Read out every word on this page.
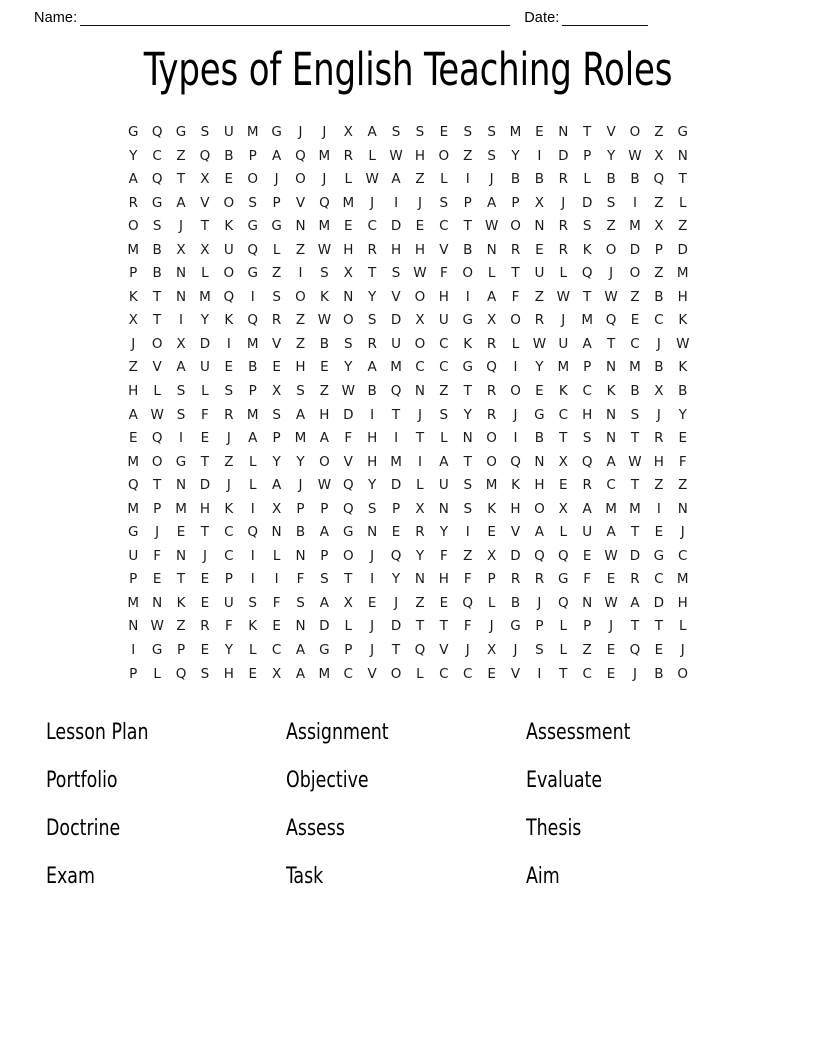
Name:	Date:
Types of English Teaching Roles
G Q G	S	U M G	J	J	X	A	S	S	E	S	S	M	E	N	T	V	O	Z	G
Y	C	Z	Q	B	P	A	Q M R	L W H	O	Z	S	Y	I	D	P	Y W X	N
A	Q	T	X	E	O	J	O	J	L W A	Z	L	I	J	B	B	R	L	B	B	Q	T
R	G	A	V	O	S	P	V	Q M	J	I	J	S	P	A	P	X	J	D	S	I	Z	L
O	S	J	T	K	G G	N M	E	C	D	E	C	T W O	N	R	S	Z M X	Z
M B	X	X	U	Q	L	Z W H	R	H	H	V	B	N	R	E	R	K	O D	P	D
P	B	N	L	O G	Z	I	S	X	T	S W F	O	L	T	U	L	Q	J	O	Z M
K	T	N M Q	I	S	O	K	N	Y	V	O H	I	A	F	Z W T W Z	B	H
X	T	I	Y	K	Q	R	Z W O	S	D	X	U	G	X	O	R	J	M Q	E	C	K
J	O	X	D	I	M V	Z	B	S	R	U	O	C	K	R	L W U	A	T	C	J	W
Z	V	A	U	E	B	E	H	E	Y	A M C	C	G Q	I	Y	M	P	N M B	K
H	L	S	L	S	P	X	S	Z W B	Q	N	Z	T	R	O	E	K	C	K	B	X	B
A W S	F	R M	S	A	H	D	I	T	J	S	Y	R	J	G	C	H	N	S	J	Y
E	Q	I	E	J	A	P	M A	F	H	I	T	L	N	O	I	B	T	S	N	T	R	E
M O G	T	Z	L	Y	Y	O	V	H M	I	A	T	O Q	N	X	Q	A W H	F
Q	T	N	D	J	L	A	J	W Q	Y	D	L	U	S	M	K	H	E	R	C	T	Z	Z
M	P	M H	K	I	X	P	P	Q	S	P	X	N	S	K	H	O	X	A M M	I	N
G	J	E	T	C	Q	N	B	A	G	N	E	R	Y	I	E	V	A	L	U	A	T	E	J
U	F	N	J	C	I	L	N	P	O	J	Q	Y	F	Z	X	D Q Q	E W D G	C
P	E	T	E	P	I	I	F	S	T	I	Y	N	H	F	P	R	R	G	F	E	R	C M
M N	K	E	U	S	F	S	A	X	E	J	Z	E	Q	L	B	J	Q	N W A	D	H
N W Z	R	F	K	E	N	D	L	J	D	T	T	F	J	G	P	L	P	J	T	T	L
I	G	P	E	Y	L	C	A	G	P	J	T	Q	V	J	X	J	S	L	Z	E	Q	E	J
P	L	Q	S	H	E	X	A M C	V	O	L	C	C	E	V	I	T	C	E	J	B	O
Lesson Plan	Assignment	Assessment
Portfolio	Objective	Evaluate
Doctrine	Assess	Thesis
Exam	Task	Aim
